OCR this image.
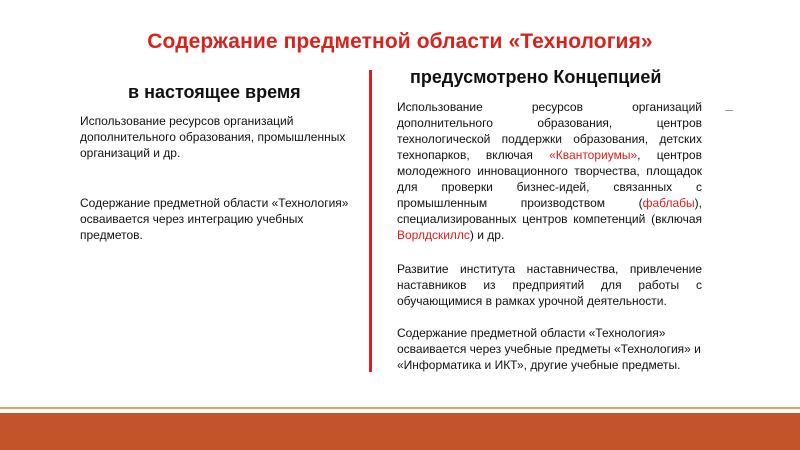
Содержание предметной области «Технология»
в настоящее время
предусмотрено Концепцией
Использование ресурсов организаций дополнительного образования, промышленных организаций и др.
Содержание предметной области «Технология» осваивается через интеграцию учебных предметов.
Использование ресурсов организаций дополнительного образования, центров технологической поддержки образования, детских технопарков, включая «Кванториумы», центров молодежного инновационного творчества, площадок для проверки бизнес-идей, связанных с промышленным производством (фаблабы), специализированных центров компетенций (включая Ворлдскиллс) и др.
Развитие института наставничества, привлечение наставников из предприятий для работы с обучающимися в рамках урочной деятельности.
Содержание предметной области «Технология» осваивается через учебные предметы «Технология» и «Информатика и ИКТ», другие учебные предметы.
